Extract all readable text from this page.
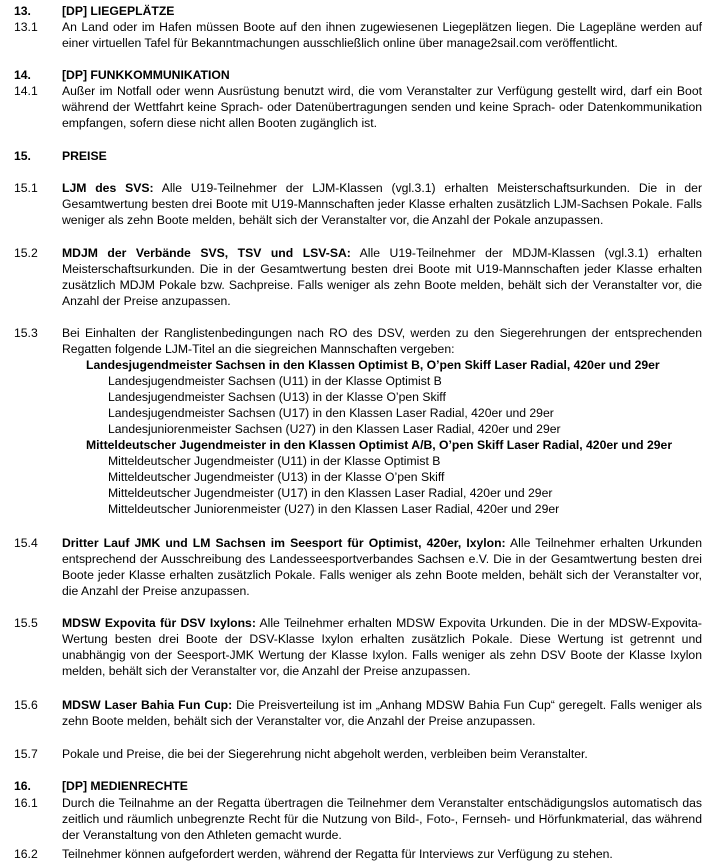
13.	[DP] LIEGEPLÄTZE
13.1	An Land oder im Hafen müssen Boote auf den ihnen zugewiesenen Liegeplätzen liegen. Die Lagepläne werden auf einer virtuellen Tafel für Bekanntmachungen ausschließlich online über manage2sail.com veröffentlicht.
14.	[DP] FUNKKOMMUNIKATION
14.1	Außer im Notfall oder wenn Ausrüstung benutzt wird, die vom Veranstalter zur Verfügung gestellt wird, darf ein Boot während der Wettfahrt keine Sprach- oder Datenübertragungen senden und keine Sprach- oder Datenkommunikation empfangen, sofern diese nicht allen Booten zugänglich ist.
15.	PREISE
15.1	LJM des SVS: Alle U19-Teilnehmer der LJM-Klassen (vgl.3.1) erhalten Meisterschaftsurkunden. Die in der Gesamtwertung besten drei Boote mit U19-Mannschaften jeder Klasse erhalten zusätzlich LJM-Sachsen Pokale. Falls weniger als zehn Boote melden, behält sich der Veranstalter vor, die Anzahl der Pokale anzupassen.
15.2	MDJM der Verbände SVS, TSV und LSV-SA: Alle U19-Teilnehmer der MDJM-Klassen (vgl.3.1) erhalten Meisterschaftsurkunden. Die in der Gesamtwertung besten drei Boote mit U19-Mannschaften jeder Klasse erhalten zusätzlich MDJM Pokale bzw. Sachpreise. Falls weniger als zehn Boote melden, behält sich der Veranstalter vor, die Anzahl der Preise anzupassen.
15.3	Bei Einhalten der Ranglistenbedingungen nach RO des DSV, werden zu den Siegerehrungen der entsprechenden Regatten folgende LJM-Titel an die siegreichen Mannschaften vergeben:
Landesjugendmeister Sachsen in den Klassen Optimist B, O’pen Skiff Laser Radial, 420er und 29er
Landesjugendmeister Sachsen (U11) in der Klasse Optimist B
Landesjugendmeister Sachsen (U13) in der Klasse O’pen Skiff
Landesjugendmeister Sachsen (U17) in den Klassen Laser Radial, 420er und 29er
Landesjuniorenmeister Sachsen (U27) in den Klassen Laser Radial, 420er und 29er
Mitteldeutscher Jugendmeister in den Klassen Optimist A/B, O’pen Skiff Laser Radial, 420er und 29er
Mitteldeutscher Jugendmeister (U11) in der Klasse Optimist B
Mitteldeutscher Jugendmeister (U13) in der Klasse O’pen Skiff
Mitteldeutscher Jugendmeister (U17) in den Klassen Laser Radial, 420er und 29er
Mitteldeutscher Juniorenmeister (U27) in den Klassen Laser Radial, 420er und 29er
15.4	Dritter Lauf JMK und LM Sachsen im Seesport für Optimist, 420er, Ixylon: Alle Teilnehmer erhalten Urkunden entsprechend der Ausschreibung des Landesseesportverbandes Sachsen e.V. Die in der Gesamtwertung besten drei Boote jeder Klasse erhalten zusätzlich Pokale. Falls weniger als zehn Boote melden, behält sich der Veranstalter vor, die Anzahl der Preise anzupassen.
15.5	MDSW Expovita für DSV Ixylons: Alle Teilnehmer erhalten MDSW Expovita Urkunden. Die in der MDSW-Expovita-Wertung besten drei Boote der DSV-Klasse Ixylon erhalten zusätzlich Pokale. Diese Wertung ist getrennt und unabhängig von der Seesport-JMK Wertung der Klasse Ixylon. Falls weniger als zehn DSV Boote der Klasse Ixylon melden, behält sich der Veranstalter vor, die Anzahl der Preise anzupassen.
15.6	MDSW Laser Bahia Fun Cup: Die Preisverteilung ist im „Anhang MDSW Bahia Fun Cup“ geregelt. Falls weniger als zehn Boote melden, behält sich der Veranstalter vor, die Anzahl der Preise anzupassen.
15.7	Pokale und Preise, die bei der Siegerehrung nicht abgeholt werden, verbleiben beim Veranstalter.
16.	[DP] MEDIENRECHTE
16.1	Durch die Teilnahme an der Regatta übertragen die Teilnehmer dem Veranstalter entschädigungslos automatisch das zeitlich und räumlich unbegrenzte Recht für die Nutzung von Bild-, Foto-, Fernseh- und Hörfunkmaterial, das während der Veranstaltung von den Athleten gemacht wurde.
16.2	Teilnehmer können aufgefordert werden, während der Regatta für Interviews zur Verfügung zu stehen.
